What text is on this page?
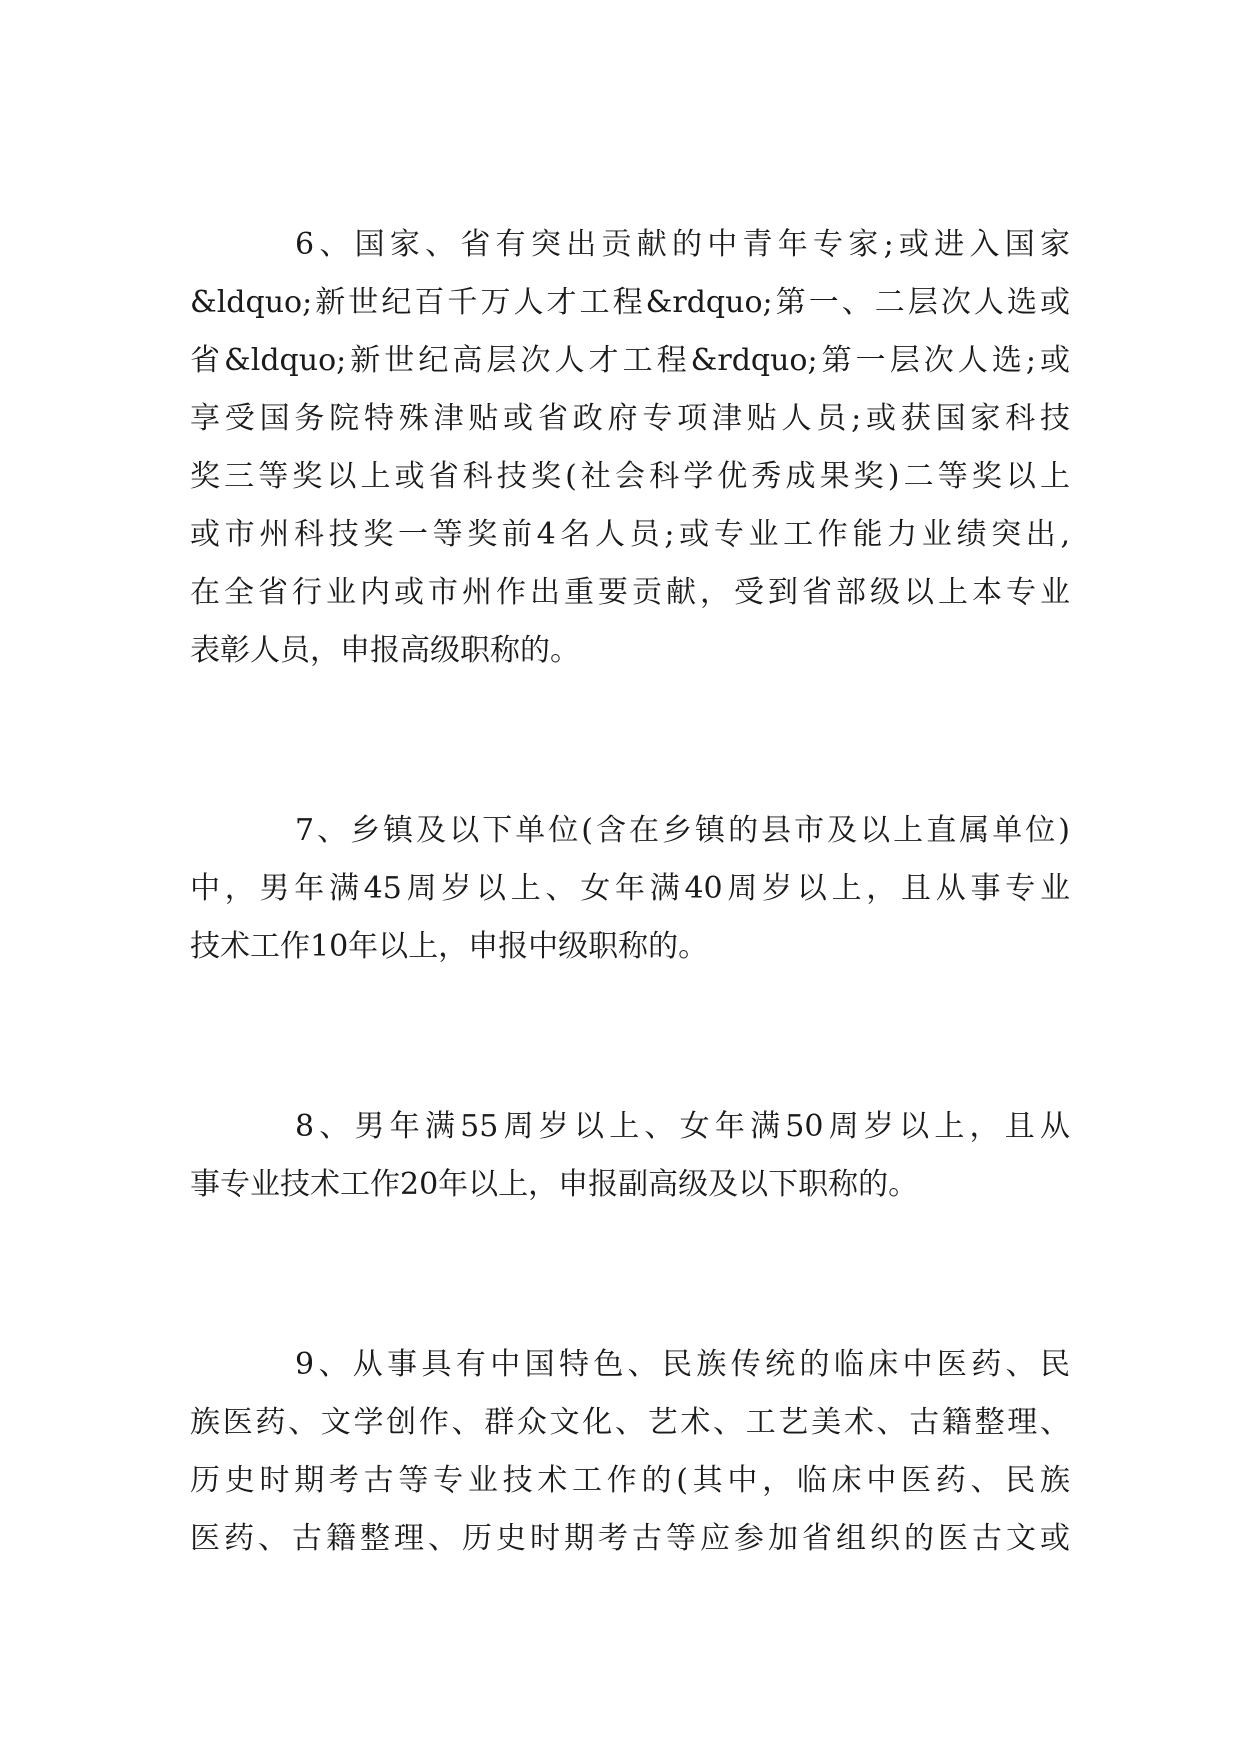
6、国家、省有突出贡献的中青年专家;或进入国家
&ldquo;新世纪百千万人才工程&rdquo;第一、二层次人选或
省&ldquo;新世纪高层次人才工程&rdquo;第一层次人选;或
享受国务院特殊津贴或省政府专项津贴人员;或获国家科技
奖三等奖以上或省科技奖(社会科学优秀成果奖)二等奖以上
或市州科技奖一等奖前4名人员;或专业工作能力业绩突出,
在全省行业内或市州作出重要贡献，受到省部级以上本专业
表彰人员，申报高级职称的。
7、乡镇及以下单位(含在乡镇的县市及以上直属单位)
中，男年满45周岁以上、女年满40周岁以上，且从事专业
技术工作10年以上，申报中级职称的。
8、男年满55周岁以上、女年满50周岁以上，且从
事专业技术工作20年以上，申报副高级及以下职称的。
9、从事具有中国特色、民族传统的临床中医药、民
族医药、文学创作、群众文化、艺术、工艺美术、古籍整理、
历史时期考古等专业技术工作的(其中，临床中医药、民族
医药、古籍整理、历史时期考古等应参加省组织的医古文或
